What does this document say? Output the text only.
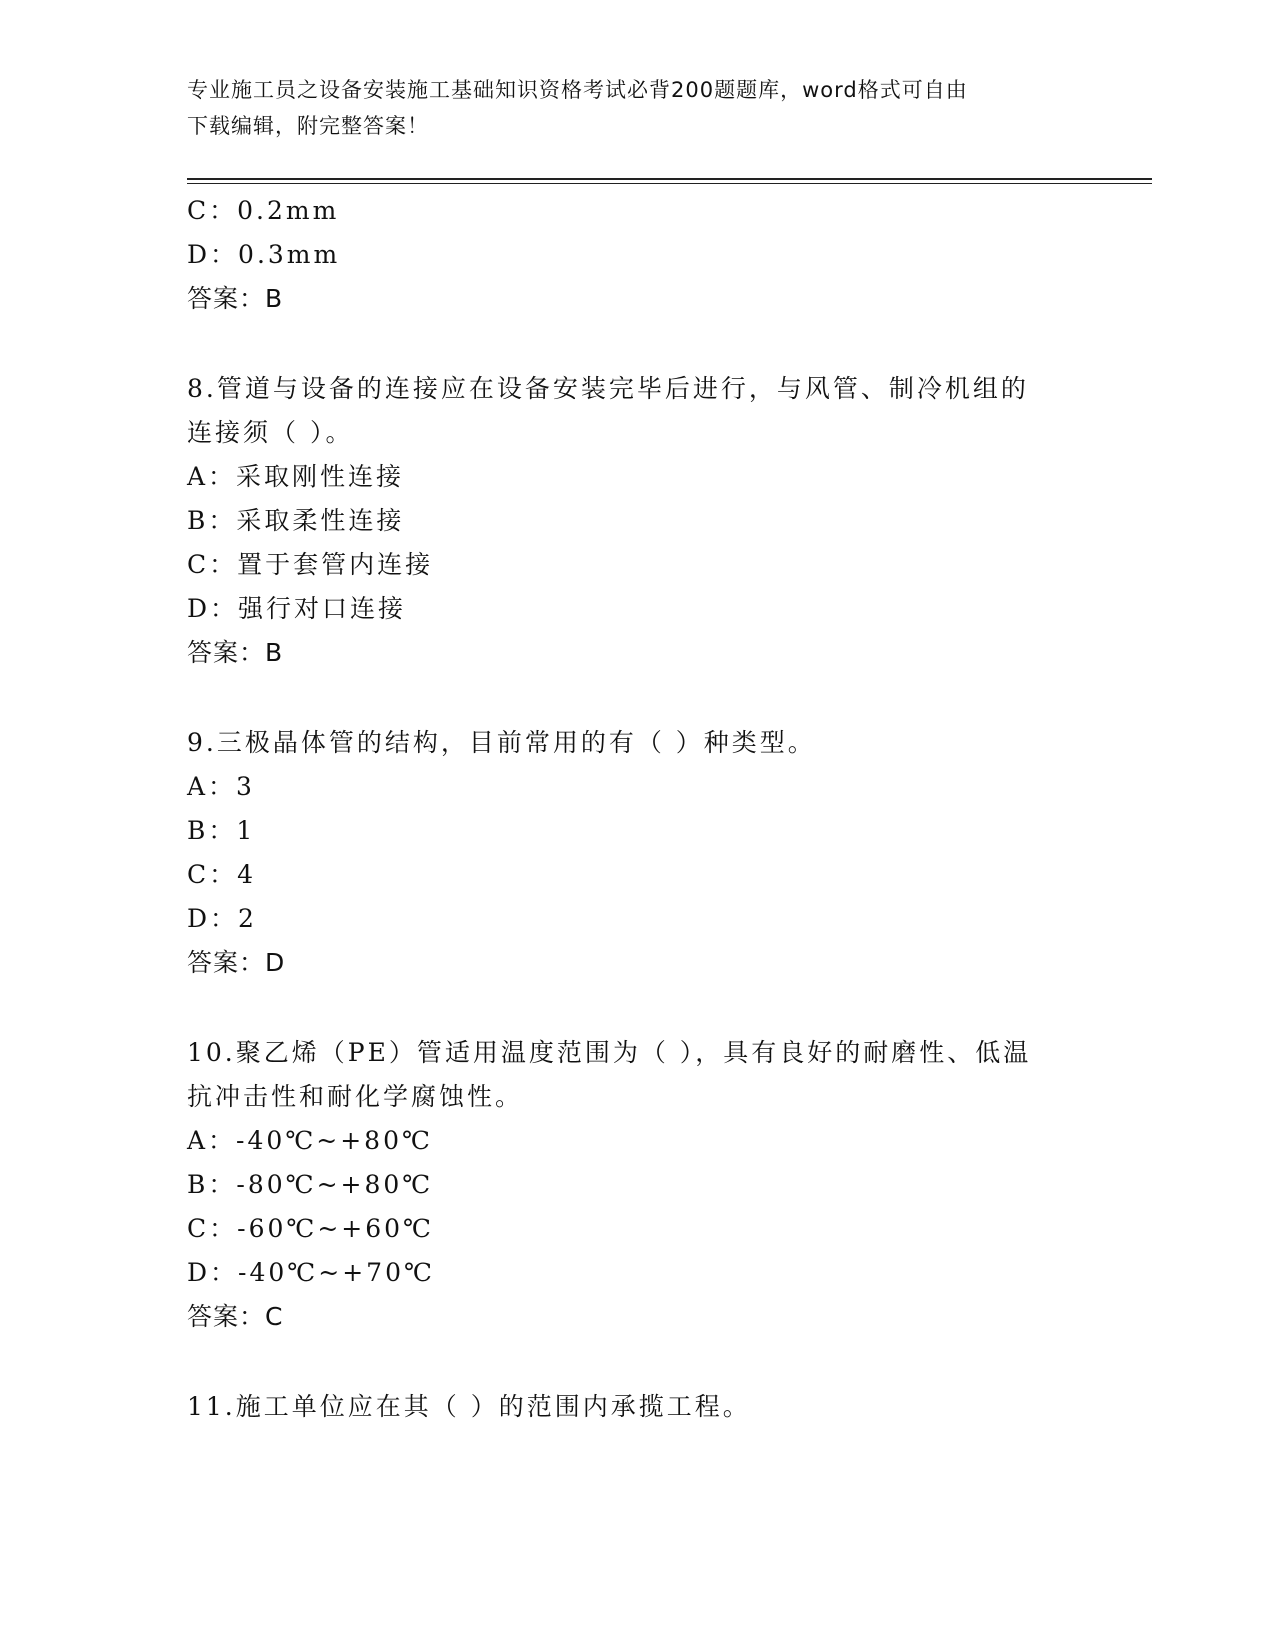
专业施工员之设备安装施工基础知识资格考试必背200题题库，word格式可自由
下载编辑，附完整答案！
C：0.2mm
D：0.3mm
答案：B
8.管道与设备的连接应在设备安装完毕后进行，与风管、制冷机组的
连接须（ ）。
A：采取刚性连接
B：采取柔性连接
C：置于套管内连接
D：强行对口连接
答案：B
9.三极晶体管的结构，目前常用的有（ ）种类型。
A：3
B：1
C：4
D：2
答案：D
10.聚乙烯（PE）管适用温度范围为（ ），具有良好的耐磨性、低温
抗冲击性和耐化学腐蚀性。
A：-40℃~+80℃
B：-80℃~+80℃
C：-60℃~+60℃
D：-40℃~+70℃
答案：C
11.施工单位应在其（ ）的范围内承揽工程。
